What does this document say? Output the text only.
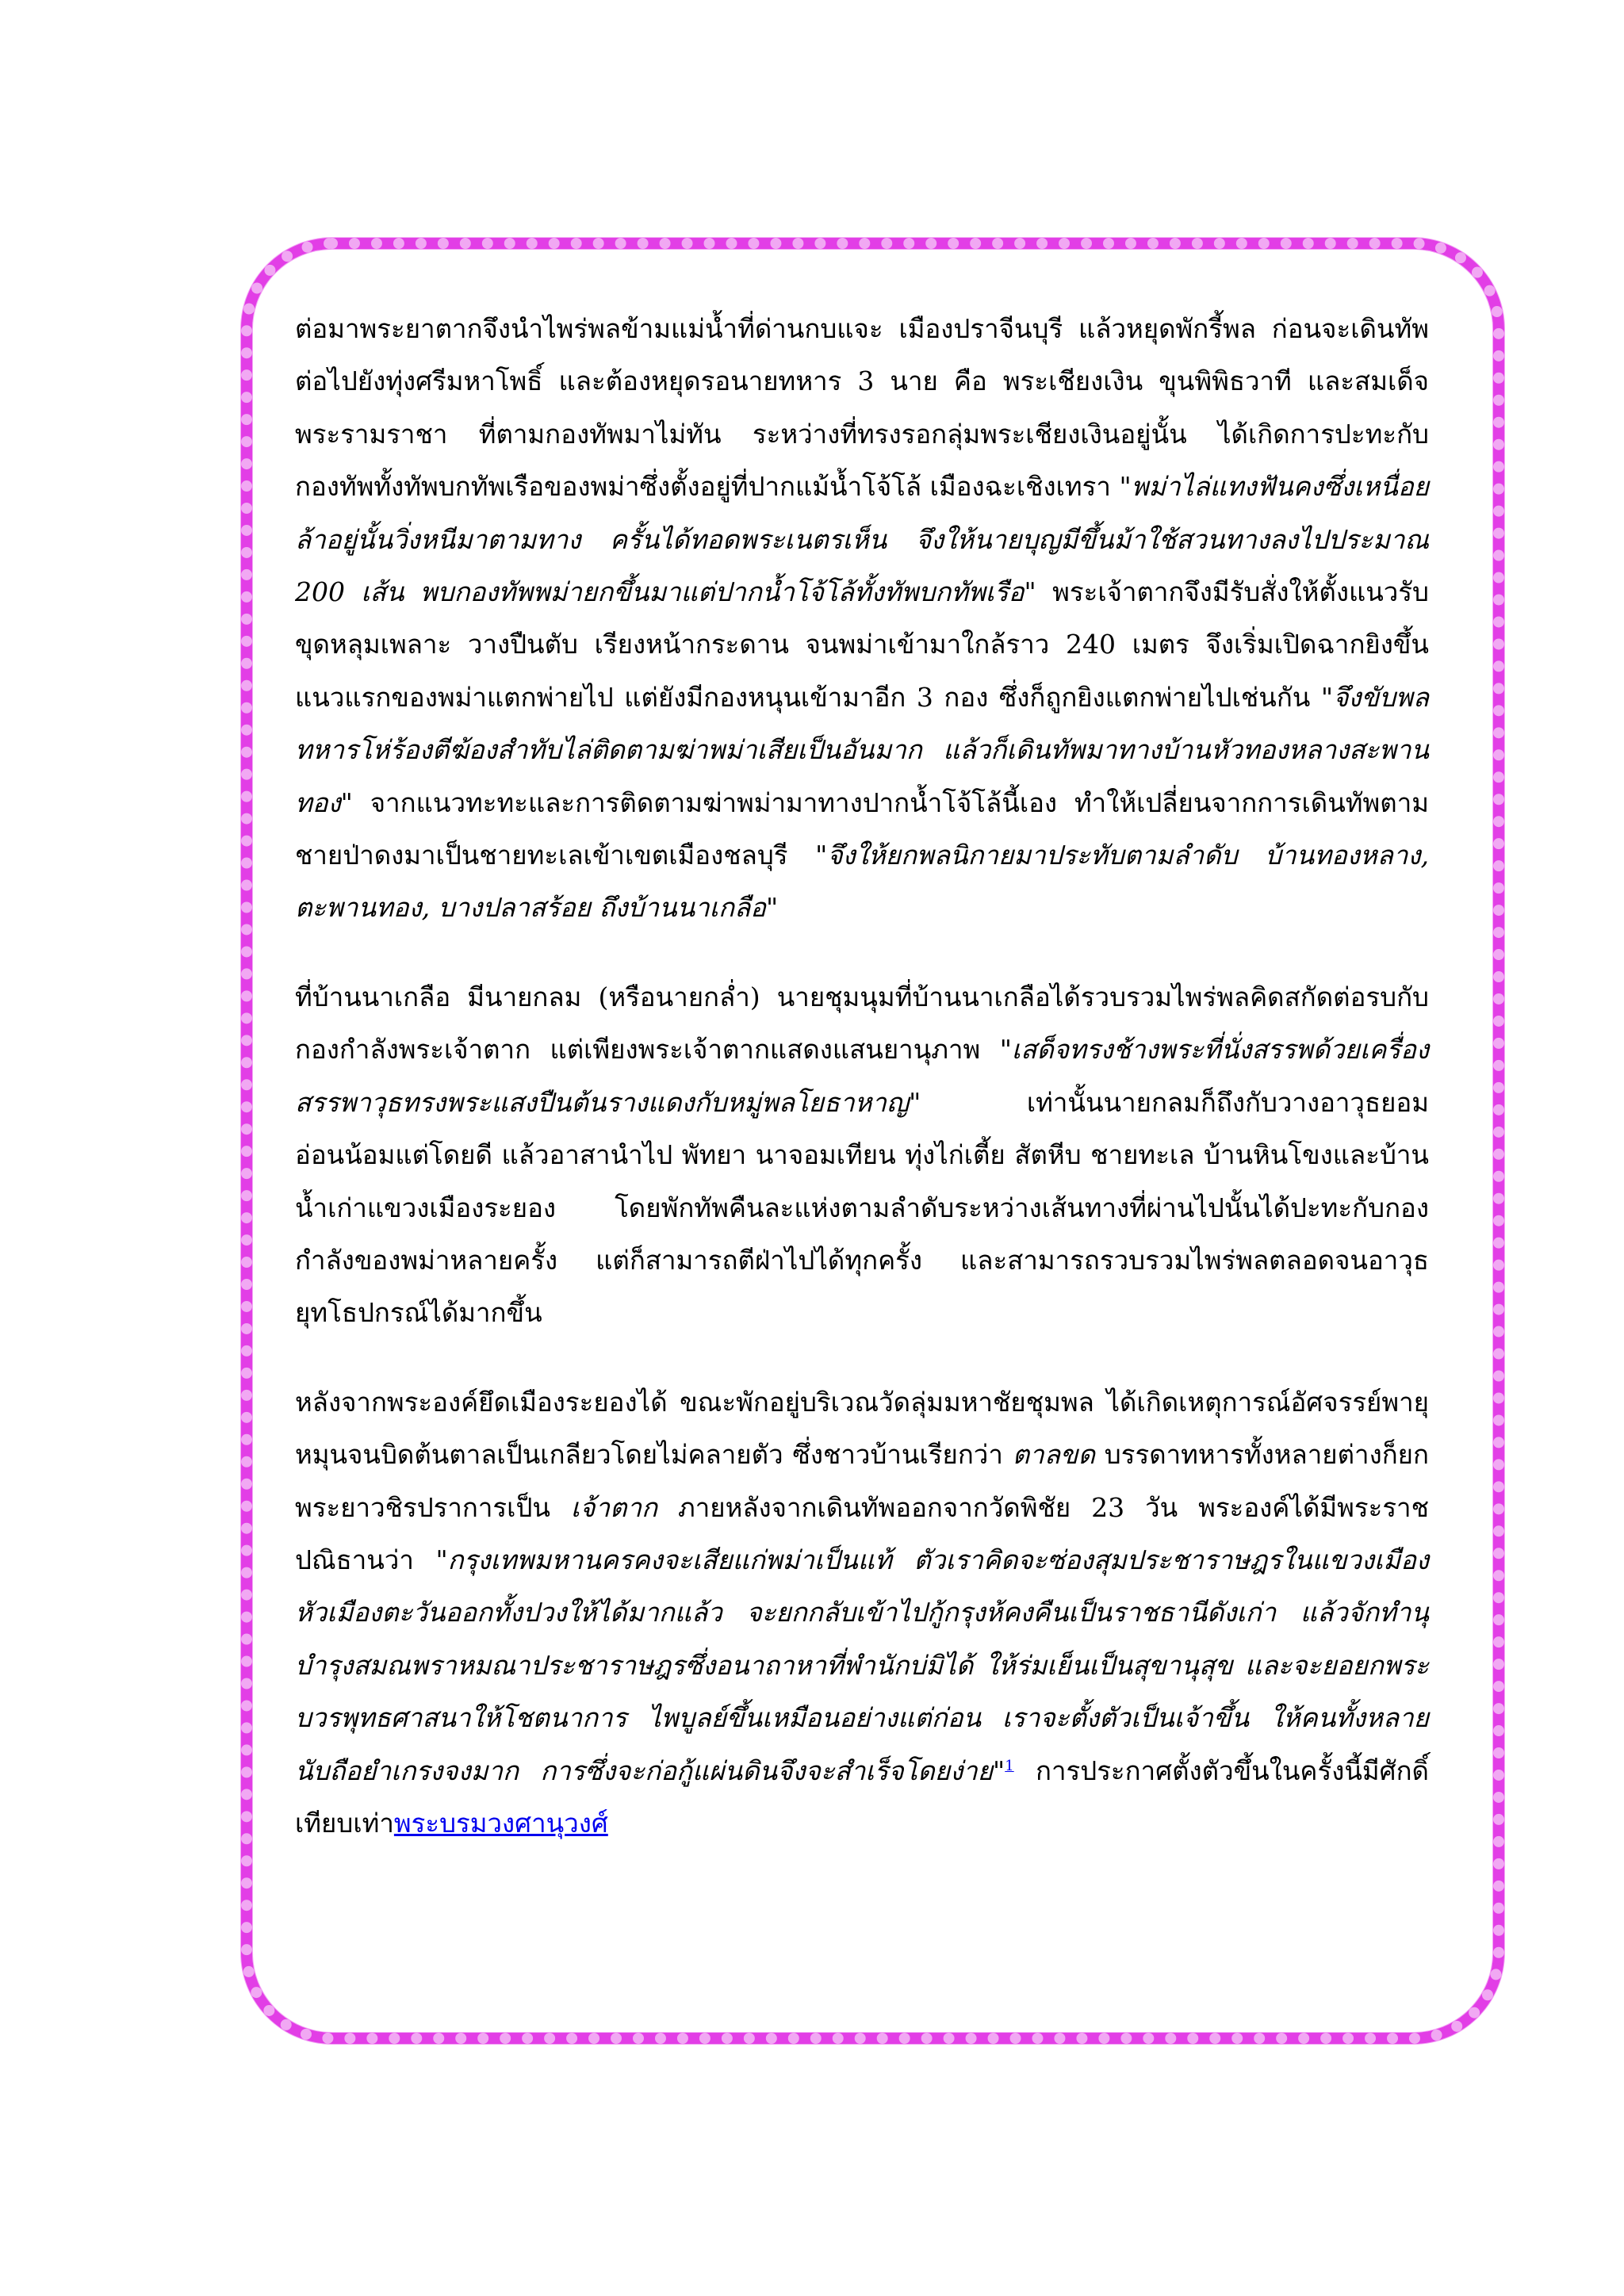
ต่อมาพระยาตากจึงนำไพร่พลข้ามแม่น้ำที่ด่านกบแจะ เมืองปราจีนบุรี แล้วหยุดพักรี้พล ก่อนจะเดินทัพต่อไปยังทุ่งศรีมหาโพธิ์ และต้องหยุดรอนายทหาร 3 นาย คือ พระเชียงเงิน ขุนพิพิธวาที และสมเด็จพระรามราชา ที่ตามกองทัพมาไม่ทัน ระหว่างที่ทรงรอกลุ่มพระเชียงเงินอยู่นั้น ได้เกิดการปะทะกับกองทัพทั้งทัพบกทัพเรือของพม่าซึ่งตั้งอยู่ที่ปากแม้น้ำโจ้โล้ เมืองฉะเชิงเทรา "พม่าไล่แทงฟันคงซึ่งเหนื่อยล้าอยู่นั้นวิ่งหนีมาตามทาง ครั้นได้ทอดพระเนตรเห็น จึงให้นายบุญมีขึ้นม้าใช้สวนทางลงไปประมาณ 200 เส้น พบกองทัพพม่ายกขึ้นมาแต่ปากน้ำโจ้โล้ทั้งทัพบกทัพเรือ" พระเจ้าตากจึงมีรับสั่งให้ตั้งแนวรับ ขุดหลุมเพลาะ วางปืนตับ เรียงหน้ากระดาน จนพม่าเข้ามาใกล้ราว 240 เมตร จึงเริ่มเปิดฉากยิงขึ้น แนวแรกของพม่าแตกพ่ายไป แต่ยังมีกองหนุนเข้ามาอีก 3 กอง ซึ่งก็ถูกยิงแตกพ่ายไปเช่นกัน "จึงขับพลทหารโห่ร้องตีฆ้องสำทับไล่ติดตามฆ่าพม่าเสียเป็นอันมาก แล้วก็เดินทัพมาทางบ้านหัวทองหลางสะพานทอง" จากแนวทะทะและการติดตามฆ่าพม่ามาทางปากน้ำโจ้โล้นี้เอง ทำให้เปลี่ยนจากการเดินทัพตามชายป่าดงมาเป็นชายทะเลเข้าเขตเมืองชลบุรี "จึงให้ยกพลนิกายมาประทับตามลำดับ บ้านทองหลาง, ตะพานทอง, บางปลาสร้อย ถึงบ้านนาเกลือ"

ที่บ้านนาเกลือ มีนายกลม (หรือนายกล่ำ) นายชุมนุมที่บ้านนาเกลือได้รวบรวมไพร่พลคิดสกัดต่อรบกับกองกำลังพระเจ้าตาก แต่เพียงพระเจ้าตากแสดงแสนยานุภาพ "เสด็จทรงช้างพระที่นั่งสรรพด้วยเครื่องสรรพาวุธทรงพระแสงปืนต้นรางแดงกับหมู่พลโยธาหาญ" เท่านั้นนายกลมก็ถึงกับวางอาวุธยอมอ่อนน้อมแต่โดยดี แล้วอาสานำไป พัทยา นาจอมเทียน ทุ่งไก่เตี้ย สัตหีบ ชายทะเล บ้านหินโขงและบ้านน้ำเก่าแขวงเมืองระยอง โดยพักทัพคืนละแห่งตามลำดับระหว่างเส้นทางที่ผ่านไปนั้นได้ปะทะกับกองกำลังของพม่าหลายครั้ง แต่ก็สามารถตีฝ่าไปได้ทุกครั้ง และสามารถรวบรวมไพร่พลตลอดจนอาวุธยุทโธปกรณ์ได้มากขึ้น

หลังจากพระองค์ยึดเมืองระยองได้ ขณะพักอยู่บริเวณวัดลุ่มมหาชัยชุมพล ได้เกิดเหตุการณ์อัศจรรย์พายุหมุนจนบิดต้นตาลเป็นเกลียวโดยไม่คลายตัว ซึ่งชาวบ้านเรียกว่า ตาลขด บรรดาทหารทั้งหลายต่างก็ยกพระยาวชิรปราการเป็น เจ้าตาก ภายหลังจากเดินทัพออกจากวัดพิชัย 23 วัน พระองค์ได้มีพระราชปณิธานว่า "กรุงเทพมหานครคงจะเสียแก่พม่าเป็นแท้ ตัวเราคิดจะซ่องสุมประชาราษฎรในแขวงเมืองหัวเมืองตะวันออกทั้งปวงให้ได้มากแล้ว จะยกกลับเข้าไปกู้กรุงห้คงคืนเป็นราชธานีดังเก่า แล้วจักทำนุบำรุงสมณพราหมณาประชาราษฎรซึ่งอนาถาหาที่พำนักบ่มิได้ ให้ร่มเย็นเป็นสุขานุสุข และจะยอยกพระบวรพุทธศาสนาให้โชตนาการ ไพบูลย์ขึ้นเหมือนอย่างแต่ก่อน เราจะตั้งตัวเป็นเจ้าขึ้น ให้คนทั้งหลายนับถือยำเกรงจงมาก การซึ่งจะก่อกู้แผ่นดินจึงจะสำเร็จโดยง่าย"$^1$ การประกาศตั้งตัวขึ้นในครั้งนี้มีศักดิ์เทียบเท่าพระบรมวงศานุวงศ์
